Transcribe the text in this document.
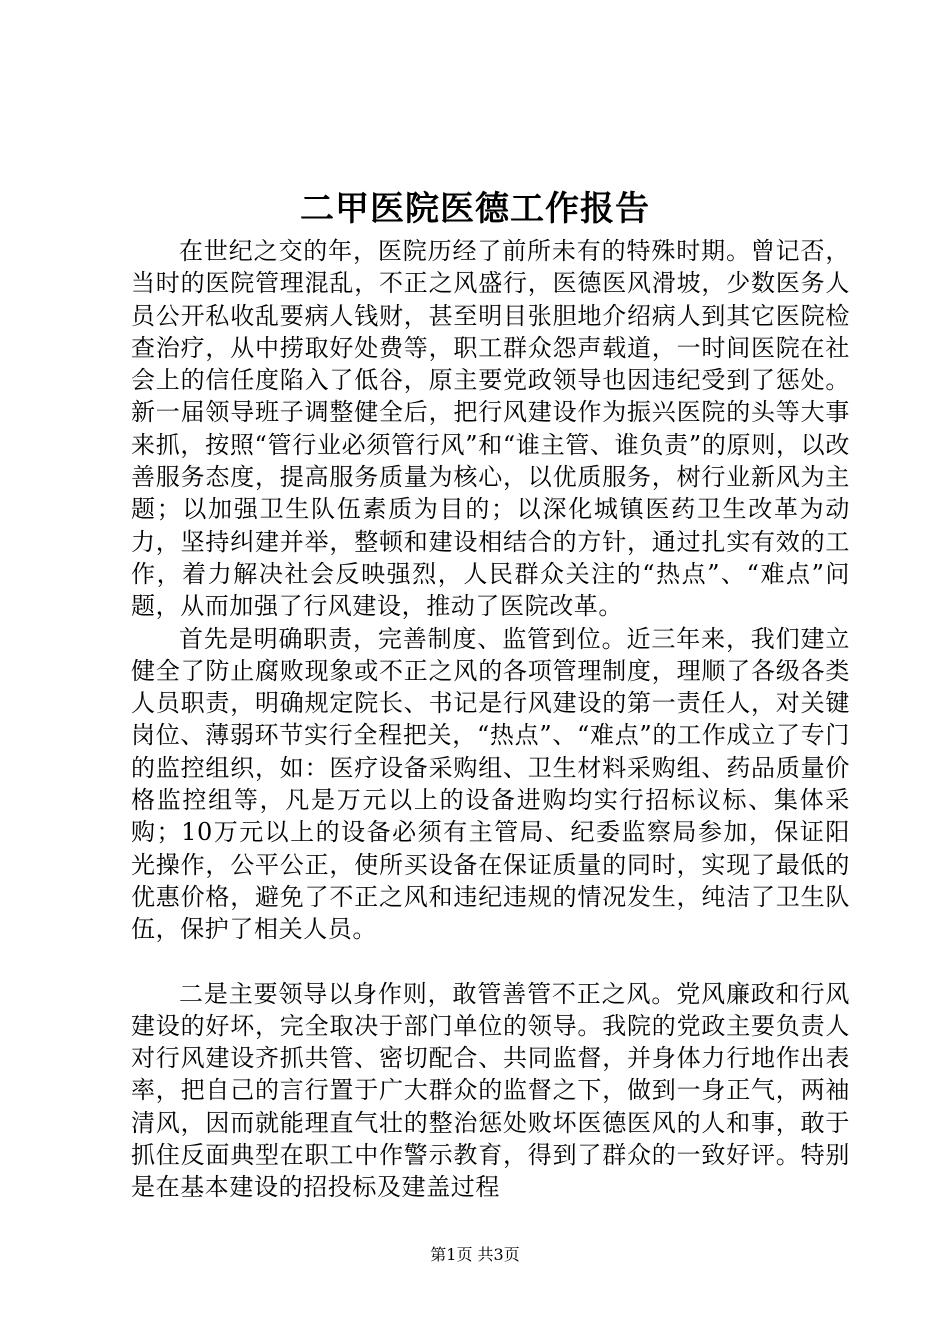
二甲医院医德工作报告

在世纪之交的年，医院历经了前所未有的特殊时期。曾记否，当时的医院管理混乱，不正之风盛行，医德医风滑坡，少数医务人员公开私收乱要病人钱财，甚至明目张胆地介绍病人到其它医院检查治疗，从中捞取好处费等，职工群众怨声载道，一时间医院在社会上的信任度陷入了低谷，原主要党政领导也因违纪受到了惩处。新一届领导班子调整健全后，把行风建设作为振兴医院的头等大事来抓，按照“管行业必须管行风”和“谁主管、谁负责”的原则，以改善服务态度，提高服务质量为核心，以优质服务，树行业新风为主题；以加强卫生队伍素质为目的；以深化城镇医药卫生改革为动力，坚持纠建并举，整顿和建设相结合的方针，通过扎实有效的工作，着力解决社会反映强烈，人民群众关注的“热点”、“难点”问题，从而加强了行风建设，推动了医院改革。

首先是明确职责，完善制度、监管到位。近三年来，我们建立健全了防止腐败现象或不正之风的各项管理制度，理顺了各级各类人员职责，明确规定院长、书记是行风建设的第一责任人，对关键岗位、薄弱环节实行全程把关，“热点”、“难点”的工作成立了专门的监控组织，如：医疗设备采购组、卫生材料采购组、药品质量价格监控组等，凡是万元以上的设备进购均实行招标议标、集体采购；10万元以上的设备必须有主管局、纪委监察局参加，保证阳光操作，公平公正，使所买设备在保证质量的同时，实现了最低的优惠价格，避免了不正之风和违纪违规的情况发生，纯洁了卫生队伍，保护了相关人员。

二是主要领导以身作则，敢管善管不正之风。党风廉政和行风建设的好坏，完全取决于部门单位的领导。我院的党政主要负责人对行风建设齐抓共管、密切配合、共同监督，并身体力行地作出表率，把自己的言行置于广大群众的监督之下，做到一身正气，两袖清风，因而就能理直气壮的整治惩处败坏医德医风的人和事，敢于抓住反面典型在职工中作警示教育，得到了群众的一致好评。特别是在基本建设的招投标及建盖过程

第1页 共3页
